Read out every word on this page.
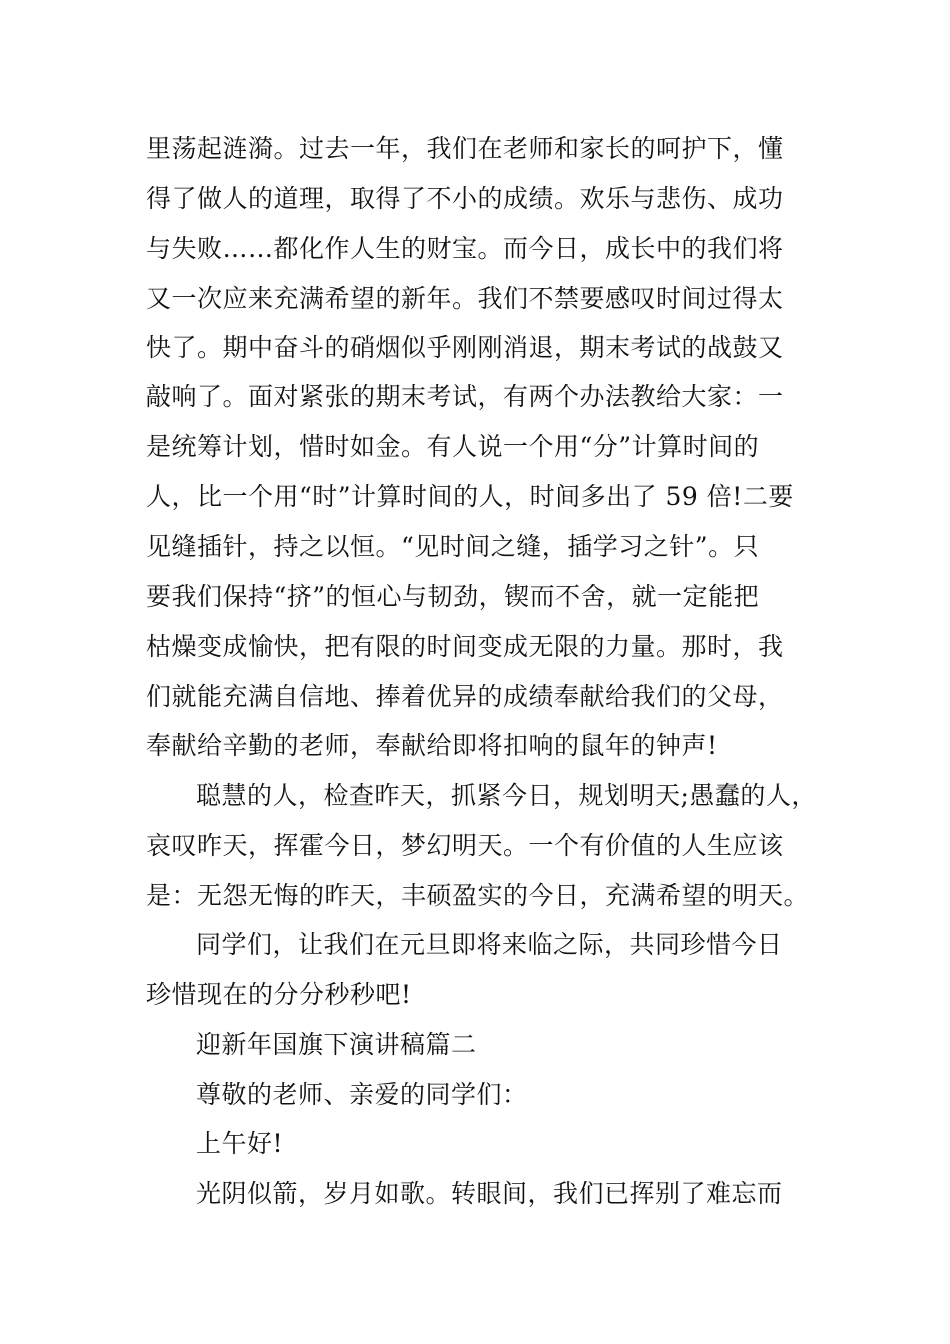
里荡起涟漪。过去一年，我们在老师和家长的呵护下，懂
得了做人的道理，取得了不小的成绩。欢乐与悲伤、成功
与失败……都化作人生的财宝。而今日，成长中的我们将
又一次应来充满希望的新年。我们不禁要感叹时间过得太
快了。期中奋斗的硝烟似乎刚刚消退，期末考试的战鼓又
敲响了。面对紧张的期末考试，有两个办法教给大家：一
是统筹计划，惜时如金。有人说一个用“分”计算时间的
人，比一个用“时”计算时间的人，时间多出了 59 倍!二要
见缝插针，持之以恒。“见时间之缝，插学习之针”。只
要我们保持“挤”的恒心与韧劲，锲而不舍，就一定能把
枯燥变成愉快，把有限的时间变成无限的力量。那时，我
们就能充满自信地、捧着优异的成绩奉献给我们的父母，
奉献给辛勤的老师，奉献给即将扣响的鼠年的钟声!
聪慧的人，检查昨天，抓紧今日，规划明天;愚蠢的人，
哀叹昨天，挥霍今日，梦幻明天。一个有价值的人生应该
是：无怨无悔的昨天，丰硕盈实的今日，充满希望的明天。
同学们，让我们在元旦即将来临之际，共同珍惜今日
珍惜现在的分分秒秒吧!
迎新年国旗下演讲稿篇二
尊敬的老师、亲爱的同学们：
上午好!
光阴似箭，岁月如歌。转眼间，我们已挥别了难忘而
